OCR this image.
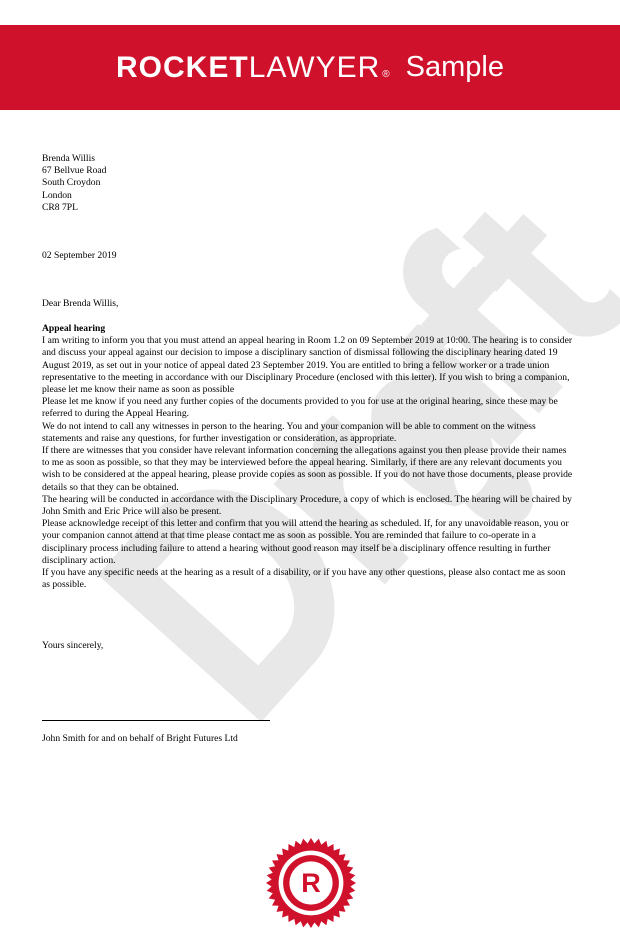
ROCKET LAWYER ® Sample
Brenda Willis
67 Bellvue Road
South Croydon
London
CR8 7PL
02 September 2019
Dear Brenda Willis,

Appeal hearing

I am writing to inform you that you must attend an appeal hearing in Room 1.2 on 09 September 2019 at 10:00. The hearing is to consider and discuss your appeal against our decision to impose a disciplinary sanction of dismissal following the disciplinary hearing dated 19 August 2019, as set out in your notice of appeal dated 23 September 2019. You are entitled to bring a fellow worker or a trade union representative to the meeting in accordance with our Disciplinary Procedure (enclosed with this letter). If you wish to bring a companion, please let me know their name as soon as possible

Please let me know if you need any further copies of the documents provided to you for use at the original hearing, since these may be referred to during the Appeal Hearing.

We do not intend to call any witnesses in person to the hearing. You and your companion will be able to comment on the witness statements and raise any questions, for further investigation or consideration, as appropriate.

If there are witnesses that you consider have relevant information concerning the allegations against you then please provide their names to me as soon as possible, so that they may be interviewed before the appeal hearing. Similarly, if there are any relevant documents you wish to be considered at the appeal hearing, please provide copies as soon as possible. If you do not have those documents, please provide details so that they can be obtained.

The hearing will be conducted in accordance with the Disciplinary Procedure, a copy of which is enclosed. The hearing will be chaired by John Smith and Eric Price will also be present.

Please acknowledge receipt of this letter and confirm that you will attend the hearing as scheduled. If, for any unavoidable reason, you or your companion cannot attend at that time please contact me as soon as possible. You are reminded that failure to co-operate in a disciplinary process including failure to attend a hearing without good reason may itself be a disciplinary offence resulting in further disciplinary action.

If you have any specific needs at the hearing as a result of a disability, or if you have any other questions, please also contact me as soon as possible.

Yours sincerely,
John Smith for and on behalf of Bright Futures Ltd
R
